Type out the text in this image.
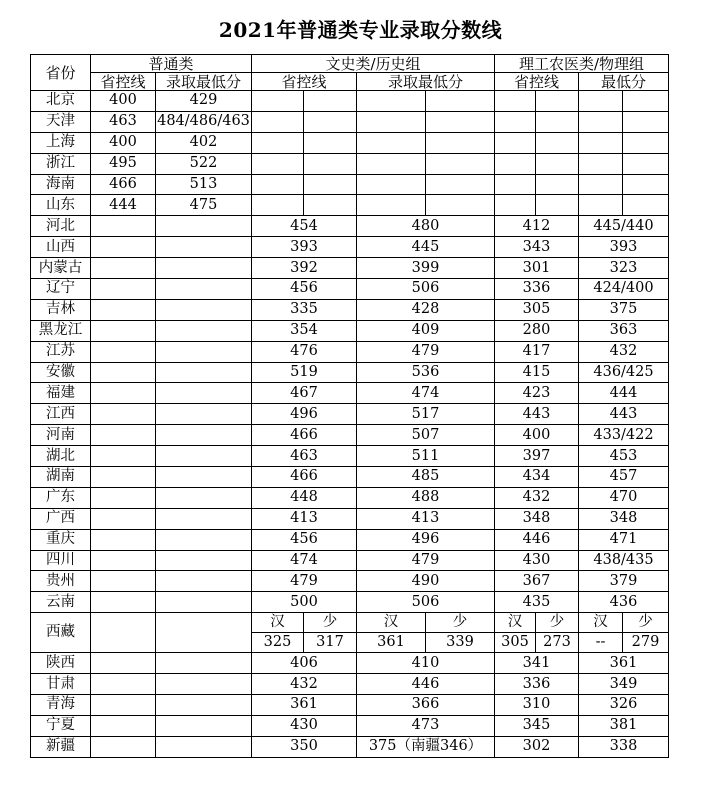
2021年普通类专业录取分数线
省份	普通类		文史类/历史组				理工农医类/物理组			
	省控线	录取最低分	省控线		录取最低分		省控线		最低分	
北京	400	429								
天津	463	484/486/463								
上海	400	402								
浙江	495	522								
海南	466	513								
山东	444	475								
河北			454		480		412		445/440	
山西			393		445		343		393	
内蒙古			392		399		301		323	
辽宁			456		506		336		424/400	
吉林			335		428		305		375	
黑龙江			354		409		280		363	
江苏			476		479		417		432	
安徽			519		536		415		436/425	
福建			467		474		423		444	
江西			496		517		443		443	
河南			466		507		400		433/422	
湖北			463		511		397		453	
湖南			466		485		434		457	
广东			448		488		432		470	
广西			413		413		348		348	
重庆			456		496		446		471	
四川			474		479		430		438/435	
贵州			479		490		367		379	
云南			500		506		435		436	
西藏			汉	少	汉	少	汉	少	汉	少
			325	317	361	339	305	273	--	279
陕西			406		410		341		361	
甘肃			432		446		336		349	
青海			361		366		310		326	
宁夏			430		473		345		381	
新疆			350		375（南疆346）		302		338	
